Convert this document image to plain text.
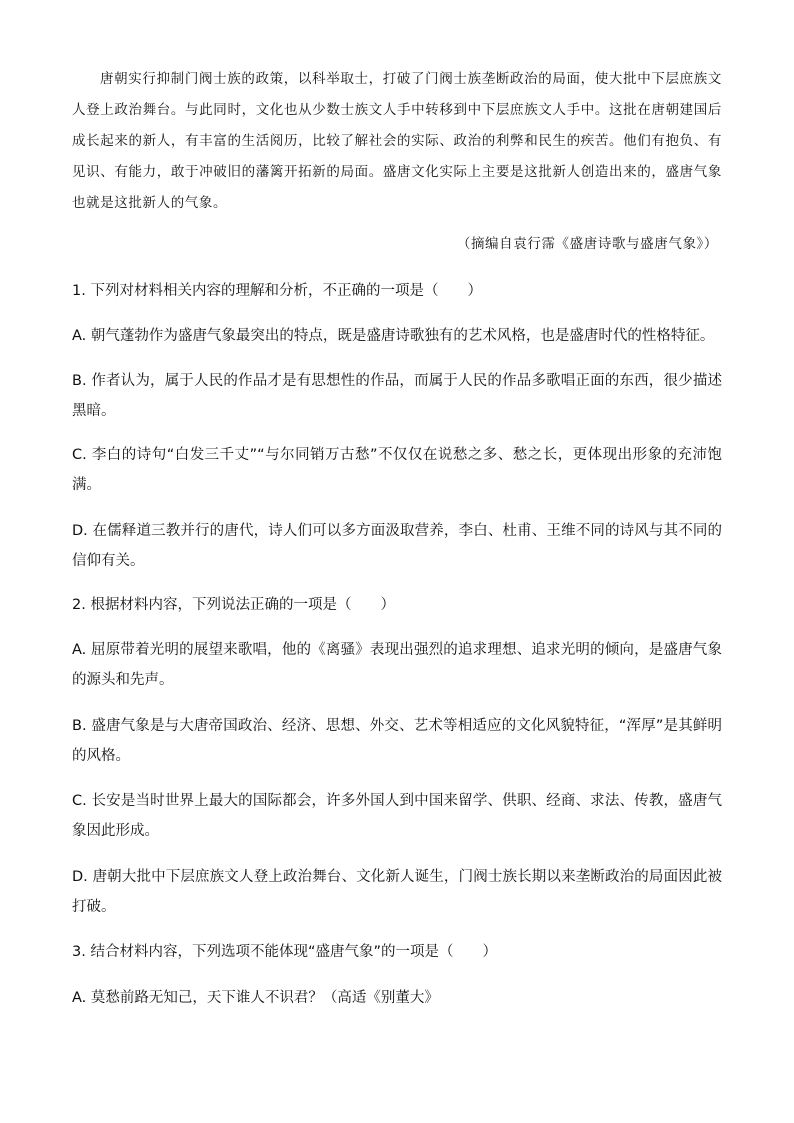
唐朝实行抑制门阀士族的政策，以科举取士，打破了门阀士族垄断政治的局面，使大批中下层庶族文人登上政治舞台。与此同时，文化也从少数士族文人手中转移到中下层庶族文人手中。这批在唐朝建国后成长起来的新人，有丰富的生活阅历，比较了解社会的实际、政治的利弊和民生的疾苦。他们有抱负、有见识、有能力，敢于冲破旧的藩篱开拓新的局面。盛唐文化实际上主要是这批新人创造出来的，盛唐气象也就是这批新人的气象。

（摘编自袁行霈《盛唐诗歌与盛唐气象》）

1. 下列对材料相关内容的理解和分析，不正确的一项是（　　）

A. 朝气蓬勃作为盛唐气象最突出的特点，既是盛唐诗歌独有的艺术风格，也是盛唐时代的性格特征。

B. 作者认为，属于人民的作品才是有思想性的作品，而属于人民的作品多歌唱正面的东西，很少描述黑暗。

C. 李白的诗句“白发三千丈”“与尔同销万古愁”不仅仅在说愁之多、愁之长，更体现出形象的充沛饱满。

D. 在儒释道三教并行的唐代，诗人们可以多方面汲取营养，李白、杜甫、王维不同的诗风与其不同的信仰有关。

2. 根据材料内容，下列说法正确的一项是（　　）

A. 屈原带着光明的展望来歌唱，他的《离骚》表现出强烈的追求理想、追求光明的倾向，是盛唐气象的源头和先声。

B. 盛唐气象是与大唐帝国政治、经济、思想、外交、艺术等相适应的文化风貌特征，“浑厚”是其鲜明的风格。

C. 长安是当时世界上最大的国际都会，许多外国人到中国来留学、供职、经商、求法、传教，盛唐气象因此形成。

D. 唐朝大批中下层庶族文人登上政治舞台、文化新人诞生，门阀士族长期以来垄断政治的局面因此被打破。

3. 结合材料内容，下列选项不能体现“盛唐气象”的一项是（　　）

A. 莫愁前路无知己，天下谁人不识君？（高适《别董大》
